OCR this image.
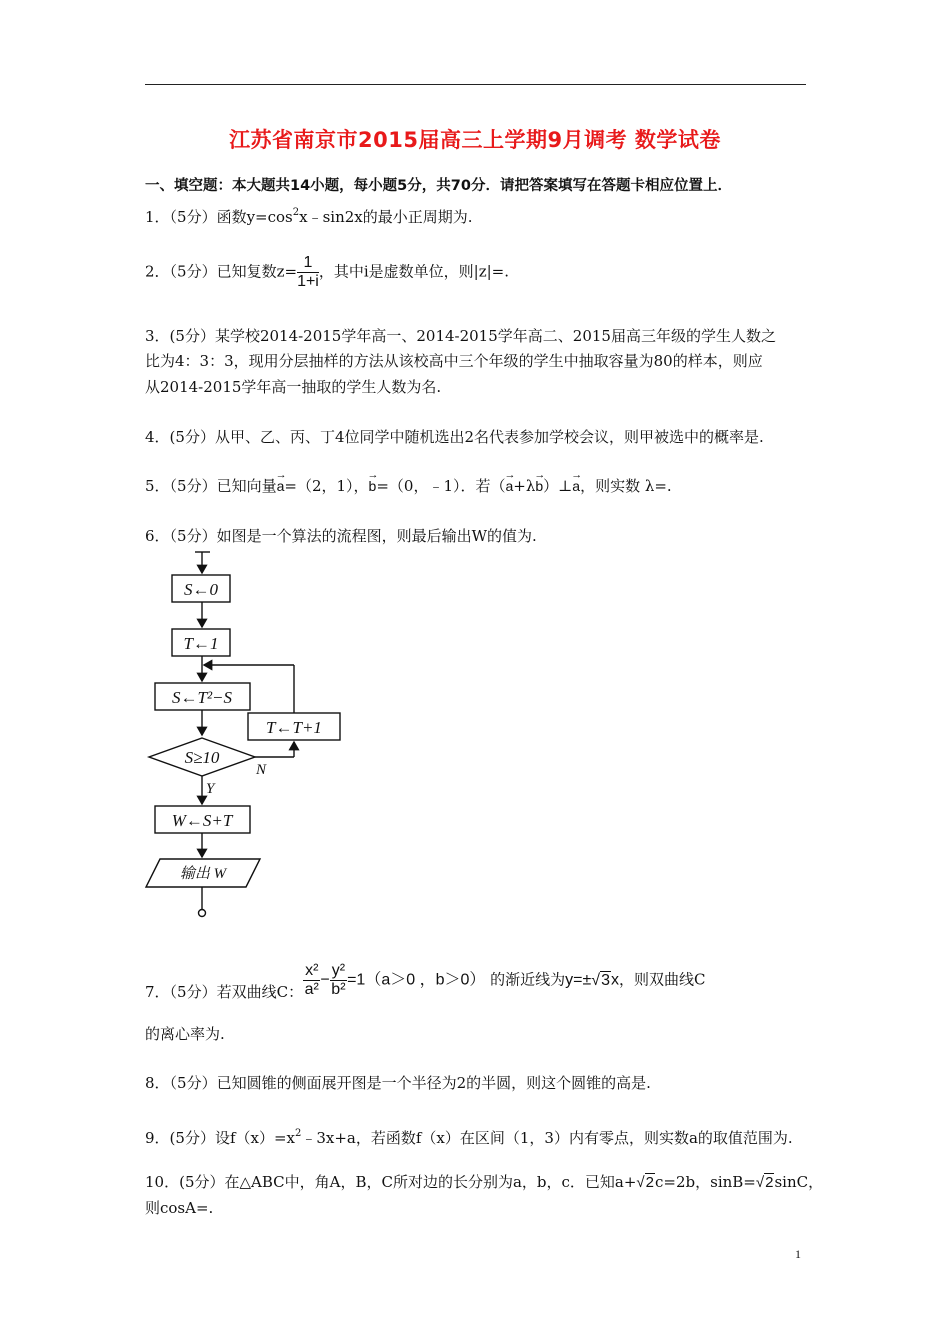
江苏省南京市2015届高三上学期9月调考 数学试卷
一、填空题：本大题共14小题，每小题5分，共70分．请把答案填写在答题卡相应位置上．
1．（5分）函数$y=\cos^2x﹣\sin 2x$的最小正周期为.
2．（5分）已知复数$z= \frac{1}{1+i}$ ，其中i是虚数单位，则|z|=.
3．(5分）某学校2014-2015学年高一、2014-2015学年高二、2015届高三年级的学生人数之
比为4：3：3，现用分层抽样的方法从该校高中三个年级的学生中抽取容量为80的样本，则应
从2014-2015学年高一抽取的学生人数为名.
4．(5分）从甲、乙、丙、丁4位同学中随机选出2名代表参加学校会议，则甲被选中的概率是.
5．（5分）已知向量→ a=（2，1），→ b=（0，﹣1）．若（→ a+λ→ b）⊥→ a，则实数 λ=.
6．（5分）如图是一个算法的流程图，则最后输出W的值为.
S←0
T←1
S←T²−S
T←T+1
S≥10
N
Y
W←S+T
输出 W
7．（5分）若双曲线C： $\frac{\text{x²}}{\text{a²}} - \frac{\text{y²}}{\text{b²}} =1(a>0$ ，b＞0） 的渐近线为y=±√3x，则双曲线C
的离心率为.
8．（5分）已知圆锥的侧面展开图是一个半径为2的半圆，则这个圆锥的高是.
9．(5分）设$f(x)=x^2﹣3x+a$，若函数f（x）在区间（1，3）内有零点，则实数a的取值范围为.
10．(5分）在△ABC中，角A，B，C所对边的长分别为a，b，c．已知a+√2c=2b，sinB=√2sinC，
则cosA=.
1
